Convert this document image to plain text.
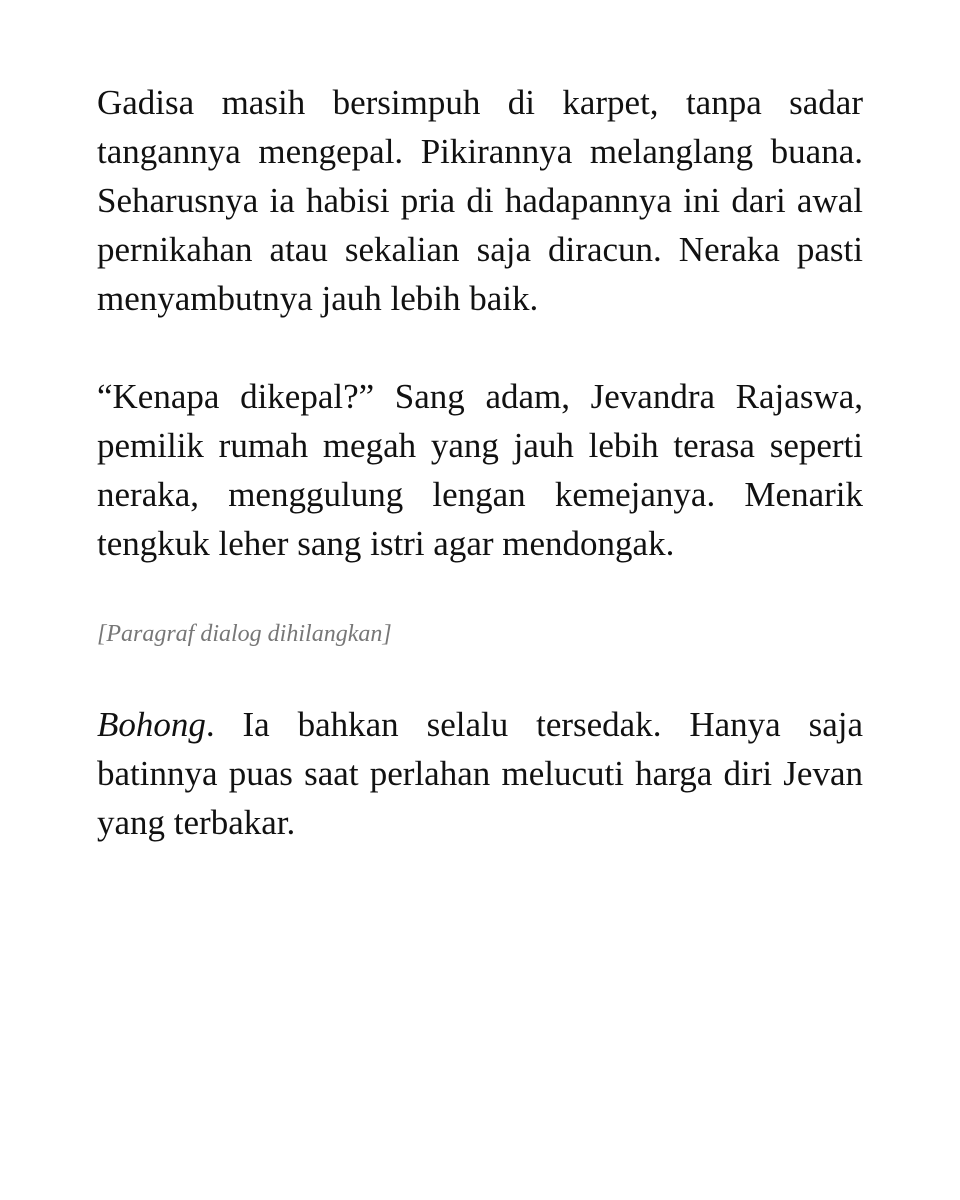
Gadisa masih bersimpuh di karpet, tanpa sadar tangannya mengepal. Pikirannya melanglang buana. Seharusnya ia habisi pria di hadapannya ini dari awal pernikahan atau sekalian saja diracun. Neraka pasti menyambutnya jauh lebih baik.

“Kenapa dikepal?” Sang adam, Jevandra Rajaswa, pemilik rumah megah yang jauh lebih terasa seperti neraka, menggulung lengan kemejanya. Menarik tengkuk leher sang istri agar mendongak.

[Paragraf dialog dihilangkan]

Bohong. Ia bahkan selalu tersedak. Hanya saja batinnya puas saat perlahan melucuti harga diri Jevan yang terbakar.
